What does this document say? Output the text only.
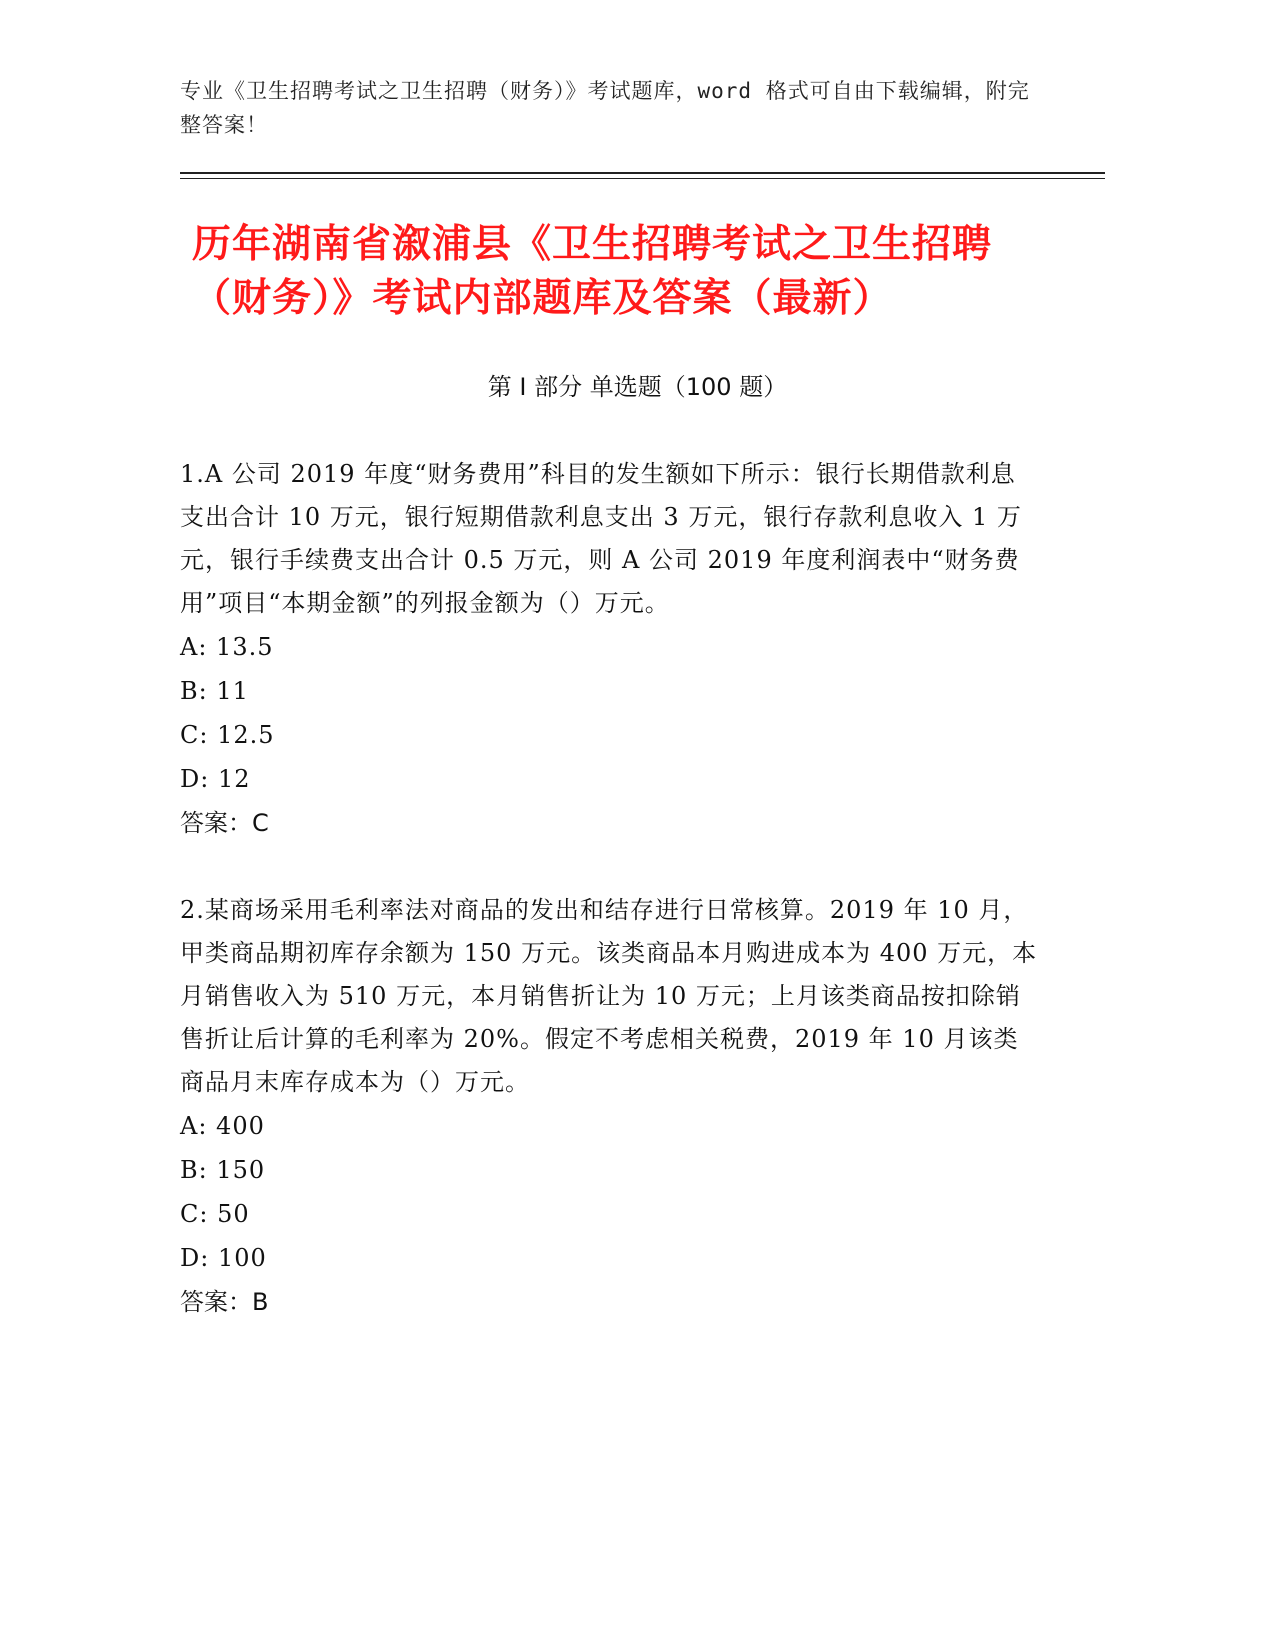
专业《卫生招聘考试之卫生招聘（财务）》考试题库，word 格式可自由下载编辑，附完整答案！
历年湖南省溆浦县《卫生招聘考试之卫生招聘（财务）》考试内部题库及答案（最新）
第 I 部分 单选题（100 题）
1.A 公司 2019 年度“财务费用”科目的发生额如下所示：银行长期借款利息支出合计 10 万元，银行短期借款利息支出 3 万元，银行存款利息收入 1 万元，银行手续费支出合计 0.5 万元，则 A 公司 2019 年度利润表中“财务费用”项目“本期金额”的列报金额为（）万元。
A: 13.5
B: 11
C: 12.5
D: 12
答案：C
2.某商场采用毛利率法对商品的发出和结存进行日常核算。2019 年 10 月，甲类商品期初库存余额为 150 万元。该类商品本月购进成本为 400 万元，本月销售收入为 510 万元，本月销售折让为 10 万元；上月该类商品按扣除销售折让后计算的毛利率为 20%。假定不考虑相关税费，2019 年 10 月该类商品月末库存成本为（）万元。
A: 400
B: 150
C: 50
D: 100
答案：B
